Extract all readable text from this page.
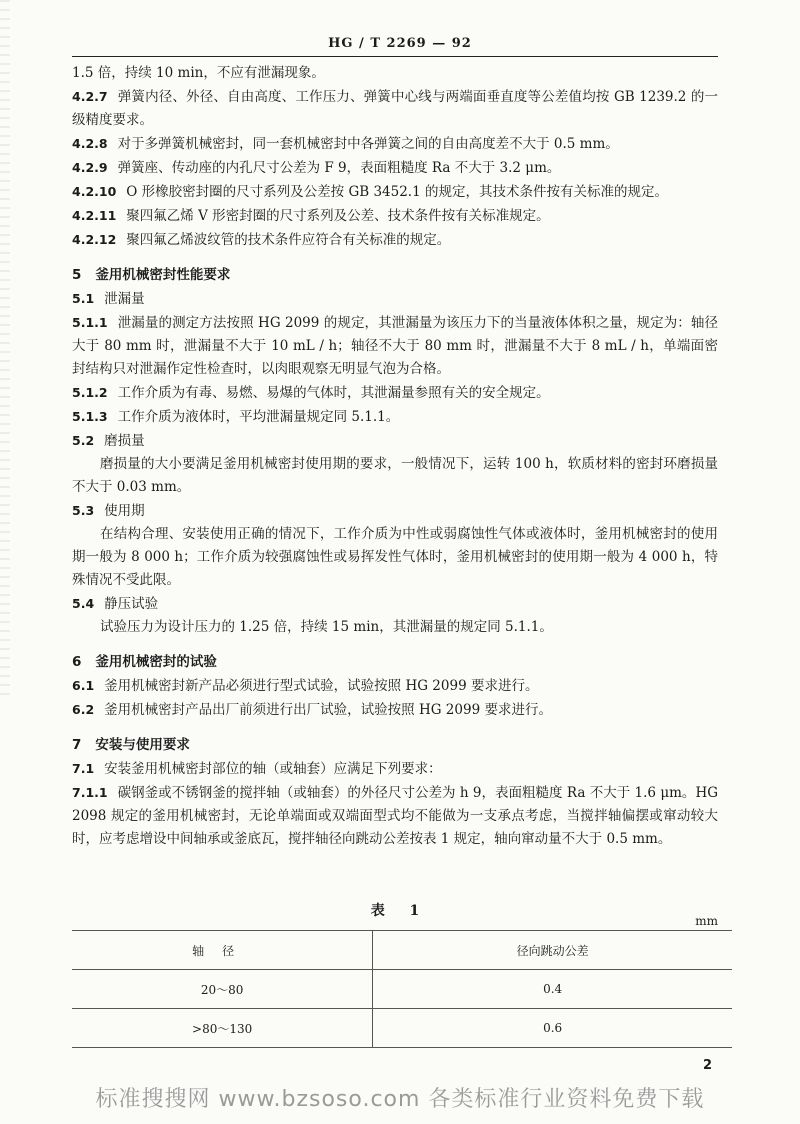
HG / T 2269 — 92
1.5 倍，持续 10 min，不应有泄漏现象。
4.2.7 弹簧内径、外径、自由高度、工作压力、弹簧中心线与两端面垂直度等公差值均按 GB 1239.2 的一级精度要求。
4.2.8 对于多弹簧机械密封，同一套机械密封中各弹簧之间的自由高度差不大于 0.5 mm。
4.2.9 弹簧座、传动座的内孔尺寸公差为 F 9，表面粗糙度 Ra 不大于 3.2 μm。
4.2.10 O 形橡胶密封圈的尺寸系列及公差按 GB 3452.1 的规定，其技术条件按有关标准的规定。
4.2.11 聚四氟乙烯 V 形密封圈的尺寸系列及公差、技术条件按有关标准规定。
4.2.12 聚四氟乙烯波纹管的技术条件应符合有关标准的规定。
5 釜用机械密封性能要求
5.1 泄漏量
5.1.1 泄漏量的测定方法按照 HG 2099 的规定，其泄漏量为该压力下的当量液体体积之量，规定为：轴径大于 80 mm 时，泄漏量不大于 10 mL / h；轴径不大于 80 mm 时，泄漏量不大于 8 mL / h，单端面密封结构只对泄漏作定性检查时，以肉眼观察无明显气泡为合格。
5.1.2 工作介质为有毒、易燃、易爆的气体时，其泄漏量参照有关的安全规定。
5.1.3 工作介质为液体时，平均泄漏量规定同 5.1.1。
5.2 磨损量
磨损量的大小要满足釜用机械密封使用期的要求，一般情况下，运转 100 h，软质材料的密封环磨损量不大于 0.03 mm。
5.3 使用期
在结构合理、安装使用正确的情况下，工作介质为中性或弱腐蚀性气体或液体时，釜用机械密封的使用期一般为 8 000 h；工作介质为较强腐蚀性或易挥发性气体时，釜用机械密封的使用期一般为 4 000 h，特殊情况不受此限。
5.4 静压试验
试验压力为设计压力的 1.25 倍，持续 15 min，其泄漏量的规定同 5.1.1。
6 釜用机械密封的试验
6.1 釜用机械密封新产品必须进行型式试验，试验按照 HG 2099 要求进行。
6.2 釜用机械密封产品出厂前须进行出厂试验，试验按照 HG 2099 要求进行。
7 安装与使用要求
7.1 安装釜用机械密封部位的轴（或轴套）应满足下列要求：
7.1.1 碳钢釜或不锈钢釜的搅拌轴（或轴套）的外径尺寸公差为 h 9，表面粗糙度 Ra 不大于 1.6 μm。HG 2098 规定的釜用机械密封，无论单端面或双端面型式均不能做为一支承点考虑，当搅拌轴偏摆或窜动较大时，应考虑增设中间轴承或釜底瓦，搅拌轴径向跳动公差按表 1 规定，轴向窜动量不大于 0.5 mm。
表 1
mm
轴径	径向跳动公差
20～80	0.4
>80～130	0.6
2
标准搜搜网 www.bzsoso.com 各类标准行业资料免费下载
